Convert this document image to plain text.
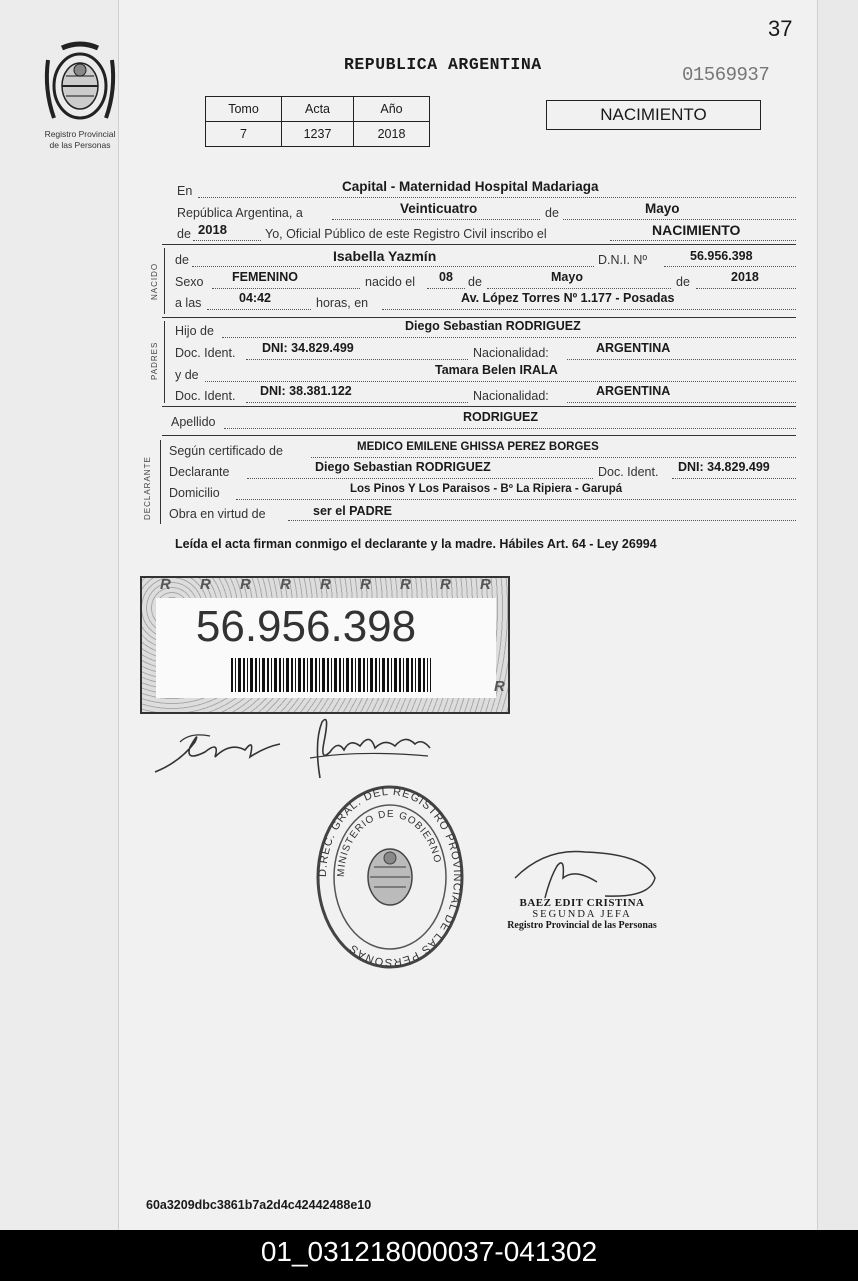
37
Registro Provincial
de las Personas
REPUBLICA ARGENTINA	01569937
Tomo	Acta	Año
7	1237	2018
NACIMIENTO
En	Capital - Maternidad Hospital Madariaga
República Argentina, a	Veinticuatro	de	Mayo
de 2018	Yo, Oficial Público de este Registro Civil inscribo el	NACIMIENTO
NACIDO
de	Isabella Yazmín	D.N.I. Nº	56.956.398
Sexo FEMENINO	nacido el 08 de	Mayo	de	2018
a las	04:42	horas, en	Av. López Torres Nº 1.177 - Posadas
PADRES
Hijo de	Diego Sebastian RODRIGUEZ
Doc. Ident. DNI: 34.829.499	Nacionalidad:	ARGENTINA
y de	Tamara Belen IRALA
Doc. Ident. DNI: 38.381.122	Nacionalidad:	ARGENTINA
Apellido	RODRIGUEZ
DECLARANTE
Según certificado de	MEDICO EMILENE GHISSA PEREZ BORGES
Declarante	Diego Sebastian RODRIGUEZ	Doc. Ident. DNI: 34.829.499
Domicilio	Los Pinos Y Los Paraisos - Bº La Ripiera - Garupá
Obra en virtud de	ser el PADRE
Leída el acta firman conmigo el declarante y la madre. Hábiles Art. 64 - Ley 26994
R R R R R R R R R
56.956.398
R
D.REC. GRAL. DEL REGISTRO PROVINCIAL DE LAS PERSONAS
MINISTERIO DE GOBIERNO
BAEZ EDIT CRISTINA
SEGUNDA JEFA
Registro Provincial de las Personas
60a3209dbc3861b7a2d4c42442488e10
01_031218000037-041302
